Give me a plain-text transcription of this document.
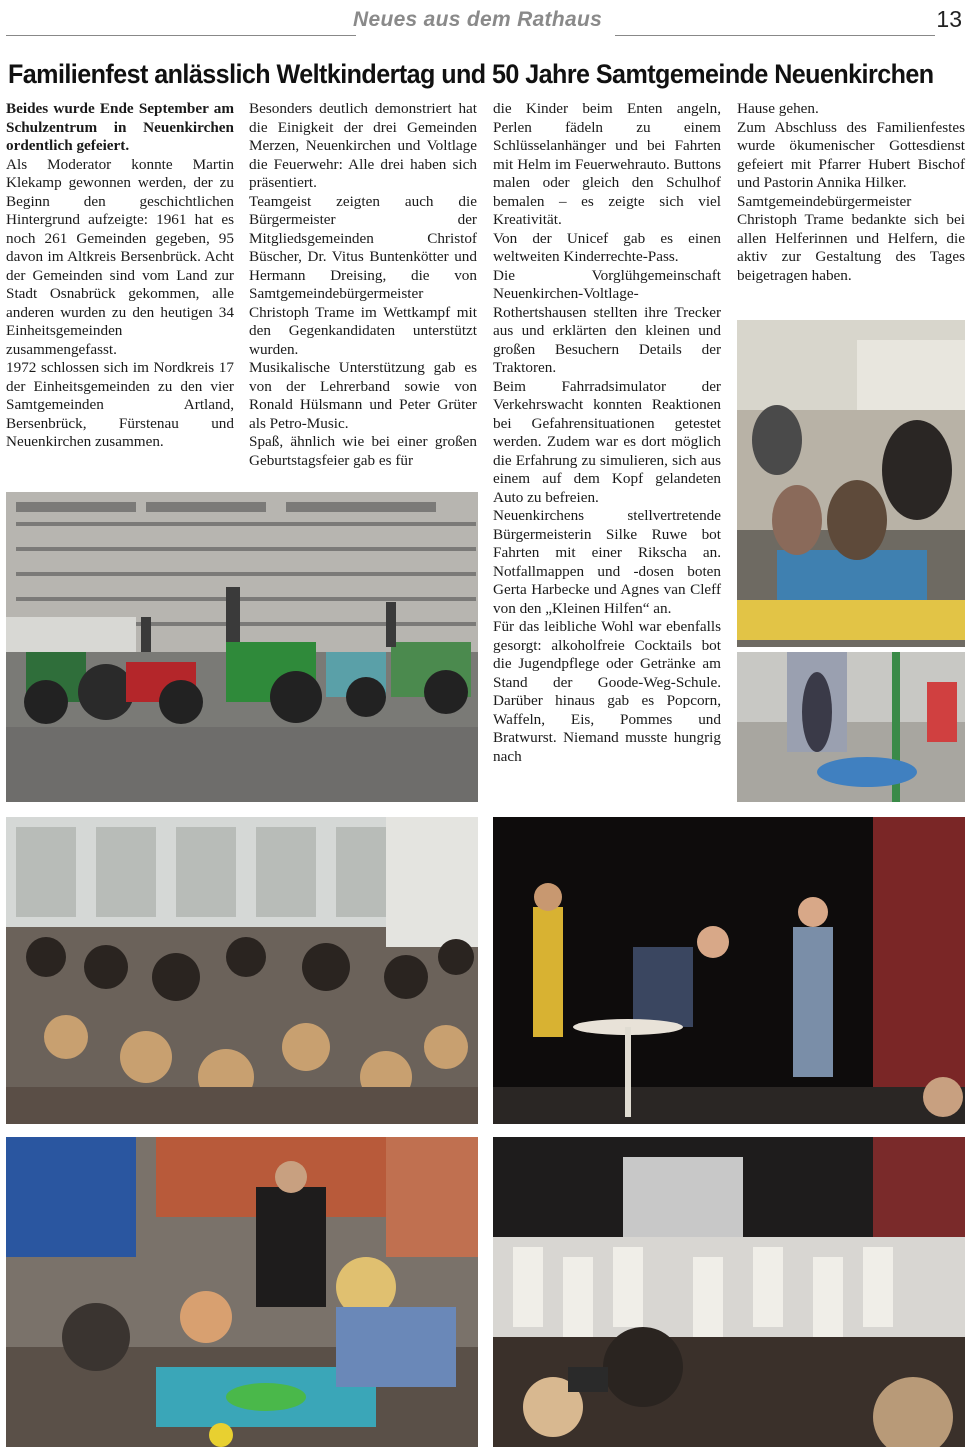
Neues aus dem Rathaus	13
Familienfest anlässlich Weltkindertag und 50 Jahre Samtgemeinde Neuenkirchen

Beides wurde Ende September am Schulzentrum in Neuenkirchen ordentlich gefeiert.

Als Moderator konnte Martin Klekamp gewonnen werden, der zu Beginn den geschichtlichen Hintergrund aufzeigte: 1961 hat es noch 261 Gemeinden gegeben, 95 davon im Altkreis Bersenbrück. Acht der Gemeinden sind vom Land zur Stadt Osnabrück gekommen, alle anderen wurden zu den heutigen 34 Einheitsgemeinden zusammengefasst.

1972 schlossen sich im Nordkreis 17 der Einheitsgemeinden zu den vier Samtgemeinden Artland, Bersenbrück, Fürstenau und Neuenkirchen zusammen.

Besonders deutlich demonstriert hat die Einigkeit der drei Gemeinden Merzen, Neuenkirchen und Voltlage die Feuerwehr: Alle drei haben sich präsentiert.

Teamgeist zeigten auch die Bürgermeister der Mitgliedsgemeinden Christof Büscher, Dr. Vitus Buntenkötter und Hermann Dreising, die von Samtgemeindebürgermeister Christoph Trame im Wettkampf mit den Gegenkandidaten unterstützt wurden.

Musikalische Unterstützung gab es von der Lehrerband sowie von Ronald Hülsmann und Peter Grüter als Petro-Music.

Spaß, ähnlich wie bei einer großen Geburtstagsfeier gab es für

die Kinder beim Enten angeln, Perlen fädeln zu einem Schlüsselanhänger und bei Fahrten mit Helm im Feuerwehrauto. Buttons malen oder gleich den Schulhof bemalen – es zeigte sich viel Kreativität.

Von der Unicef gab es einen weltweiten Kinderrechte-Pass.

Die Vorglühgemeinschaft Neuenkirchen-Voltlage-Rothertshausen stellten ihre Trecker aus und erklärten den kleinen und großen Besuchern Details der Traktoren.

Beim Fahrradsimulator der Verkehrswacht konnten Reaktionen bei Gefahrensituationen getestet werden. Zudem war es dort möglich die Erfahrung zu simulieren, sich aus einem auf dem Kopf gelandeten Auto zu befreien.

Neuenkirchens stellvertretende Bürgermeisterin Silke Ruwe bot Fahrten mit einer Rikscha an. Notfallmappen und -dosen boten Gerta Harbecke und Agnes van Cleff von den „Kleinen Hilfen“ an.

Für das leibliche Wohl war ebenfalls gesorgt: alkoholfreie Cocktails bot die Jugendpflege oder Getränke am Stand der Goode-Weg-Schule. Darüber hinaus gab es Popcorn, Waffeln, Eis, Pommes und Bratwurst. Niemand musste hungrig nach

Hause gehen.

Zum Abschluss des Familienfestes wurde ökumenischer Gottesdienst gefeiert mit Pfarrer Hubert Bischof und Pastorin Annika Hilker.

Samtgemeindebürgermeister Christoph Trame bedankte sich bei allen Helferinnen und Helfern, die aktiv zur Gestaltung des Tages beigetragen haben.
